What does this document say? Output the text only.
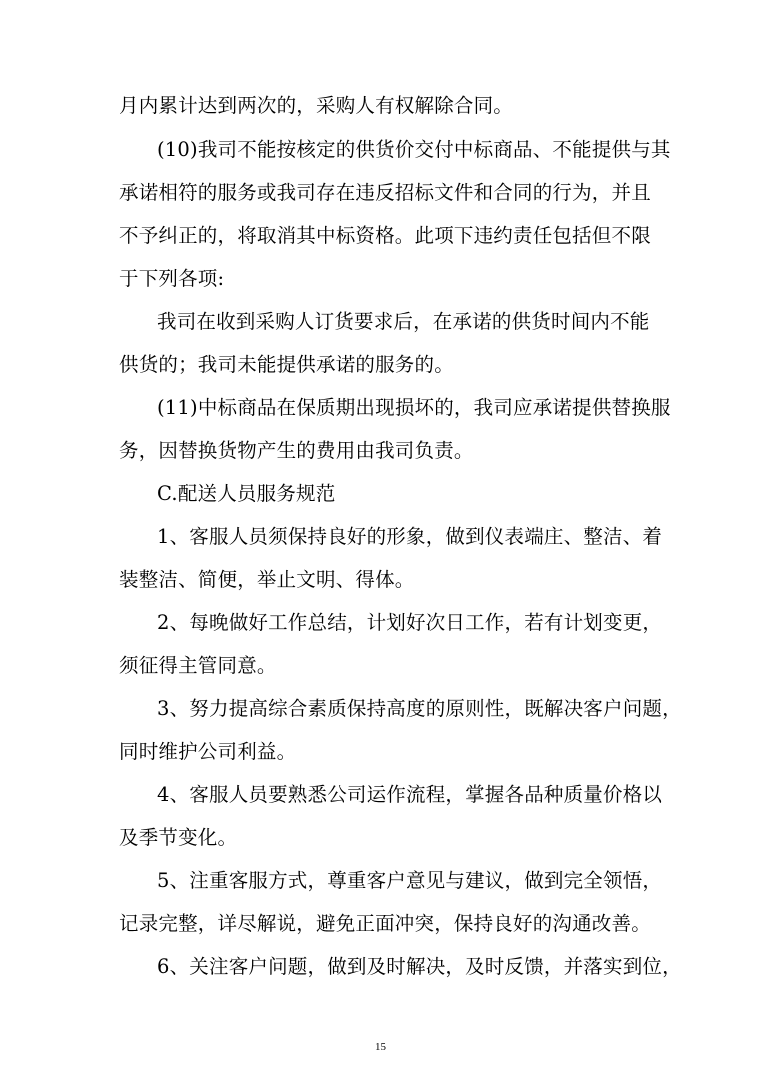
月内累计达到两次的，采购人有权解除合同。
(10)我司不能按核定的供货价交付中标商品、不能提供与其
承诺相符的服务或我司存在违反招标文件和合同的行为，并且
不予纠正的，将取消其中标资格。此项下违约责任包括但不限
于下列各项:
我司在收到采购人订货要求后，在承诺的供货时间内不能
供货的；我司未能提供承诺的服务的。
(11)中标商品在保质期出现损坏的，我司应承诺提供替换服
务，因替换货物产生的费用由我司负责。
C.配送人员服务规范
1、客服人员须保持良好的形象，做到仪表端庄、整洁、着
装整洁、简便，举止文明、得体。
2、每晚做好工作总结，计划好次日工作，若有计划变更，
须征得主管同意。
3、努力提高综合素质保持高度的原则性，既解决客户问题，
同时维护公司利益。
4、客服人员要熟悉公司运作流程，掌握各品种质量价格以
及季节变化。
5、注重客服方式，尊重客户意见与建议，做到完全领悟，
记录完整，详尽解说，避免正面冲突，保持良好的沟通改善。
6、关注客户问题，做到及时解决，及时反馈，并落实到位，
15
